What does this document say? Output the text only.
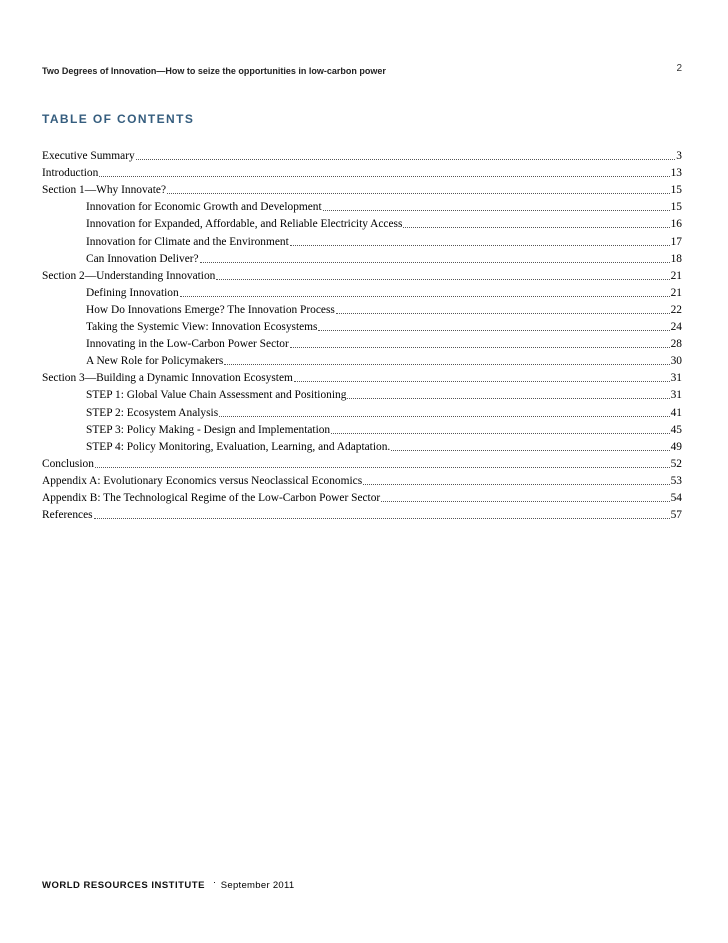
Two Degrees of Innovation—How to seize the opportunities in low-carbon power	2
TABLE OF CONTENTS
Executive Summary	3
Introduction	13
Section 1—Why Innovate?	15
Innovation for Economic Growth and Development	15
Innovation for Expanded, Affordable, and Reliable Electricity Access	16
Innovation for Climate and the Environment	17
Can Innovation Deliver?	18
Section 2—Understanding Innovation	21
Defining Innovation	21
How Do Innovations Emerge? The Innovation Process	22
Taking the Systemic View: Innovation Ecosystems	24
Innovating in the Low-Carbon Power Sector	28
A New Role for Policymakers	30
Section 3—Building a Dynamic Innovation Ecosystem	31
STEP 1: Global Value Chain Assessment and Positioning	31
STEP 2: Ecosystem Analysis	41
STEP 3: Policy Making - Design and Implementation	45
STEP 4: Policy Monitoring, Evaluation, Learning, and Adaptation.	49
Conclusion	52
Appendix A: Evolutionary Economics versus Neoclassical Economics	53
Appendix B: The Technological Regime of the Low-Carbon Power Sector	54
References	57
WORLD RESOURCES INSTITUTE · September 2011
